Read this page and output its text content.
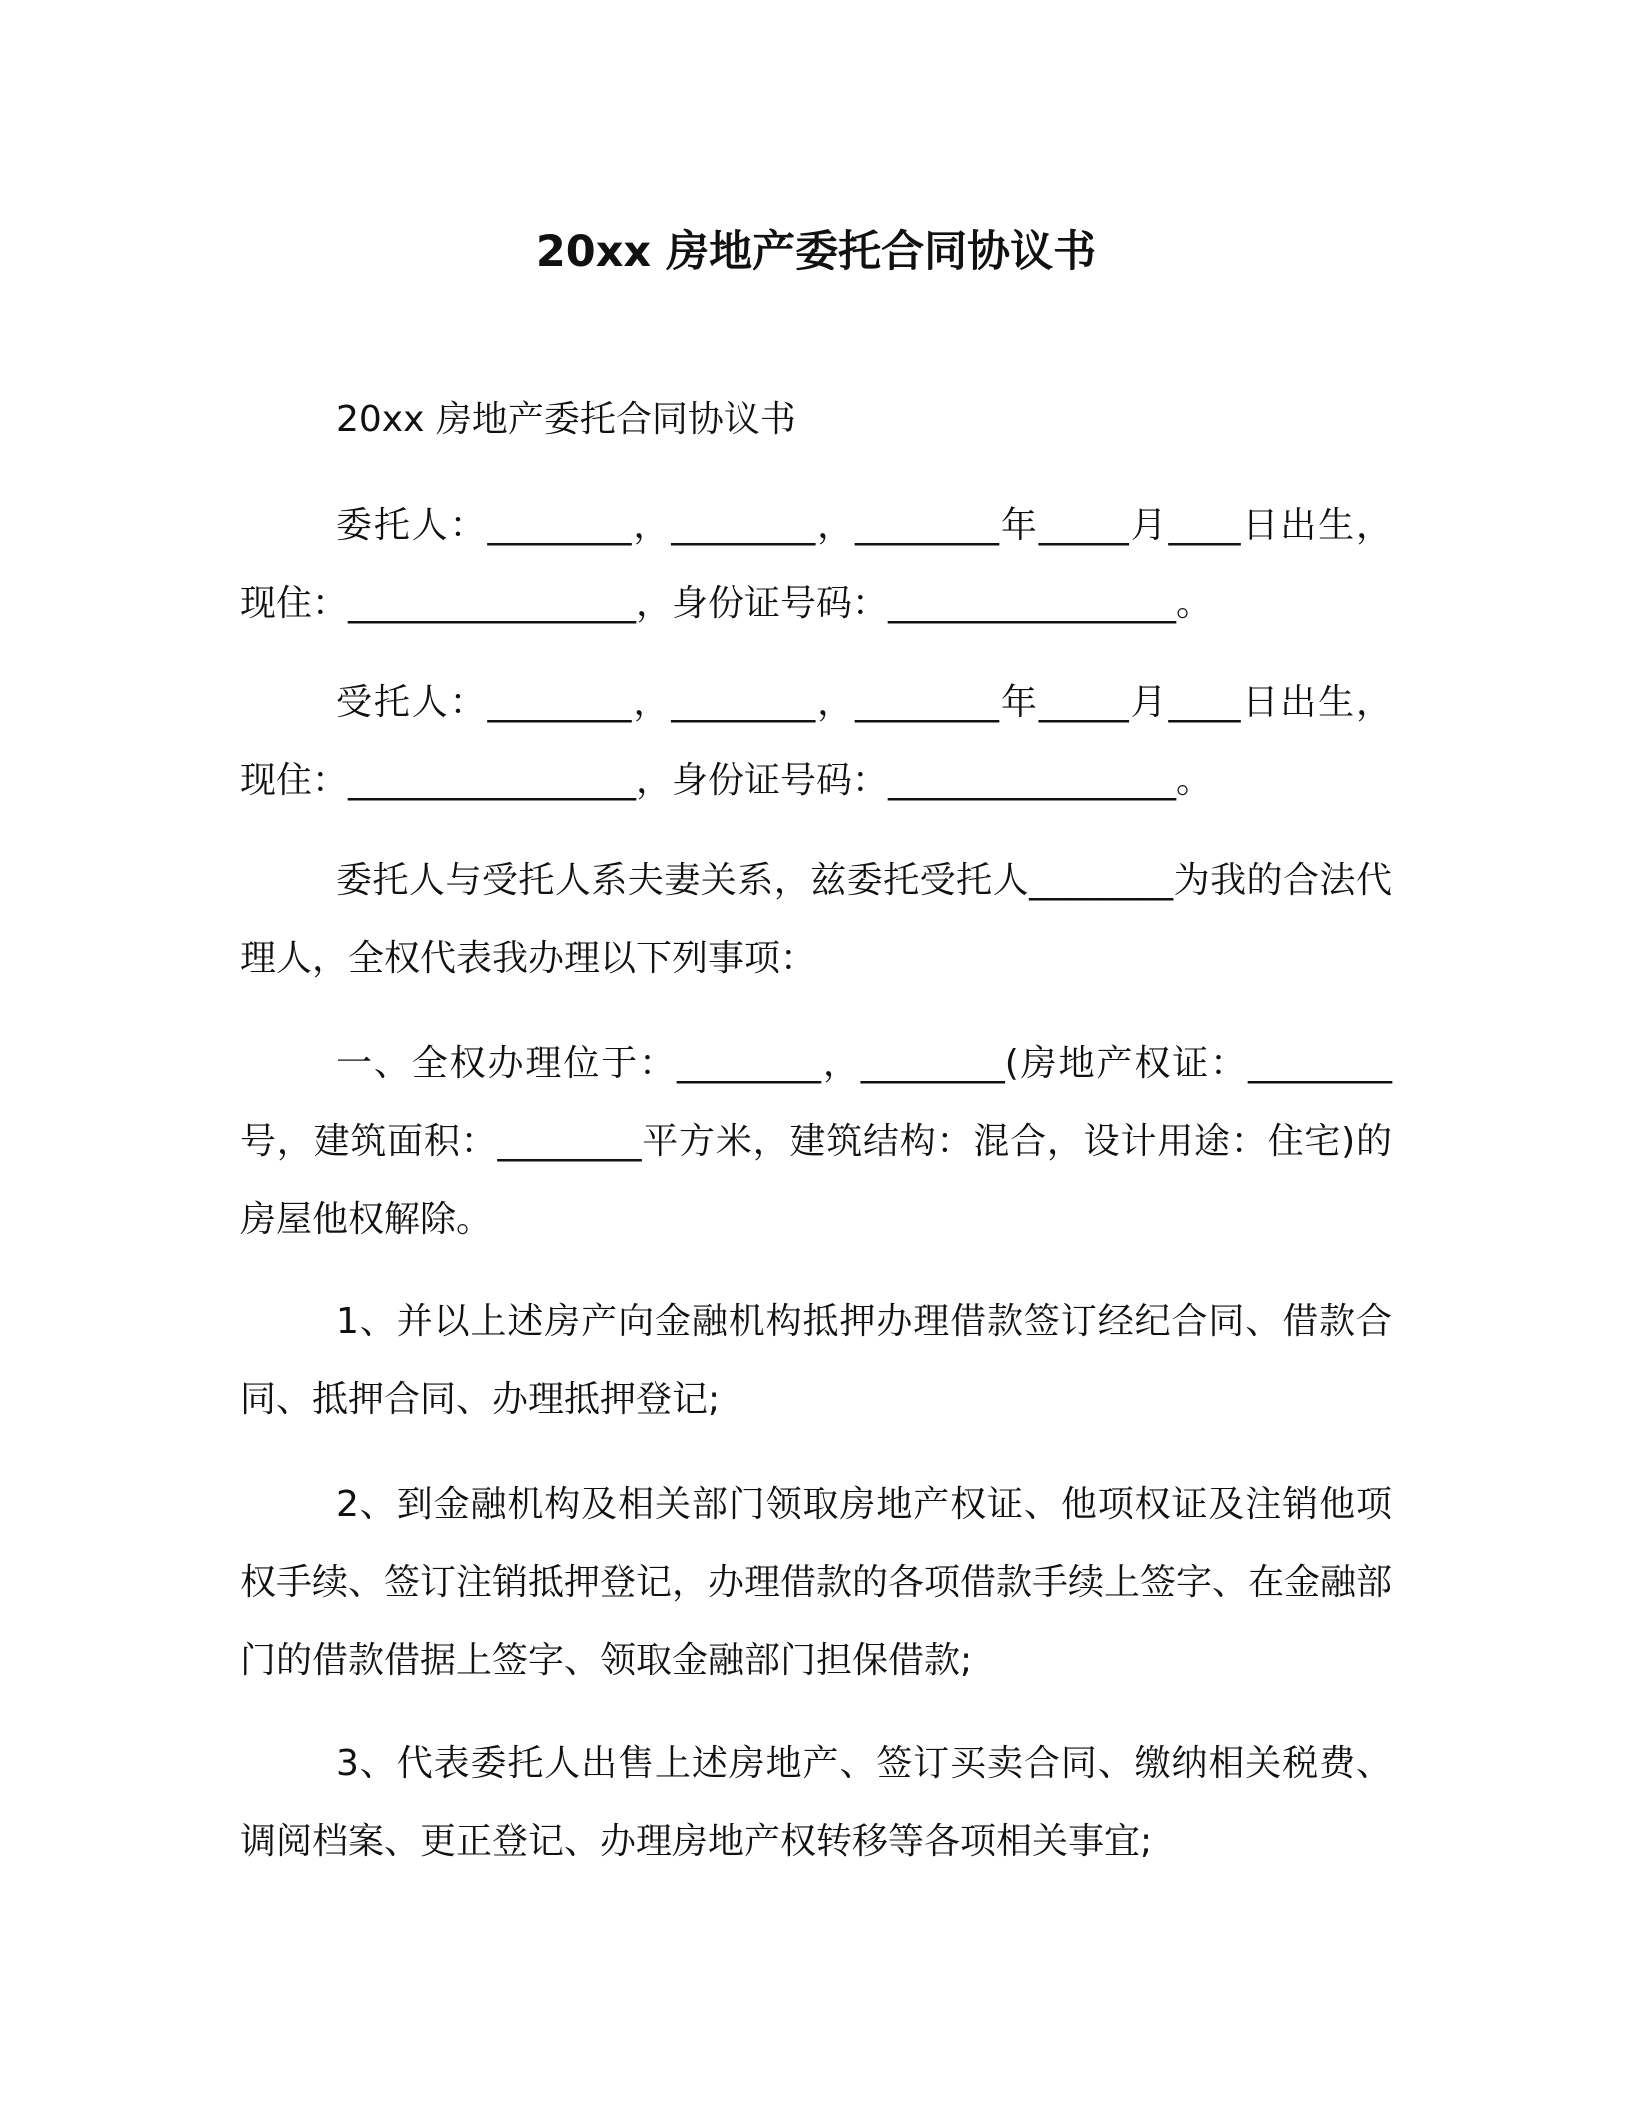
20xx 房地产委托合同协议书
20xx 房地产委托合同协议书

委托人：________，________，________年_____月____日出生，现住：________________，身份证号码：________________。

受托人：________，________，________年_____月____日出生，现住：________________，身份证号码：________________。

委托人与受托人系夫妻关系，兹委托受托人________为我的合法代理人，全权代表我办理以下列事项：

一、全权办理位于：________，________(房地产权证：________号，建筑面积：________平方米，建筑结构：混合，设计用途：住宅)的房屋他权解除。

1、并以上述房产向金融机构抵押办理借款签订经纪合同、借款合同、抵押合同、办理抵押登记;

2、到金融机构及相关部门领取房地产权证、他项权证及注销他项权手续、签订注销抵押登记，办理借款的各项借款手续上签字、在金融部门的借款借据上签字、领取金融部门担保借款;

3、代表委托人出售上述房地产、签订买卖合同、缴纳相关税费、调阅档案、更正登记、办理房地产权转移等各项相关事宜;
